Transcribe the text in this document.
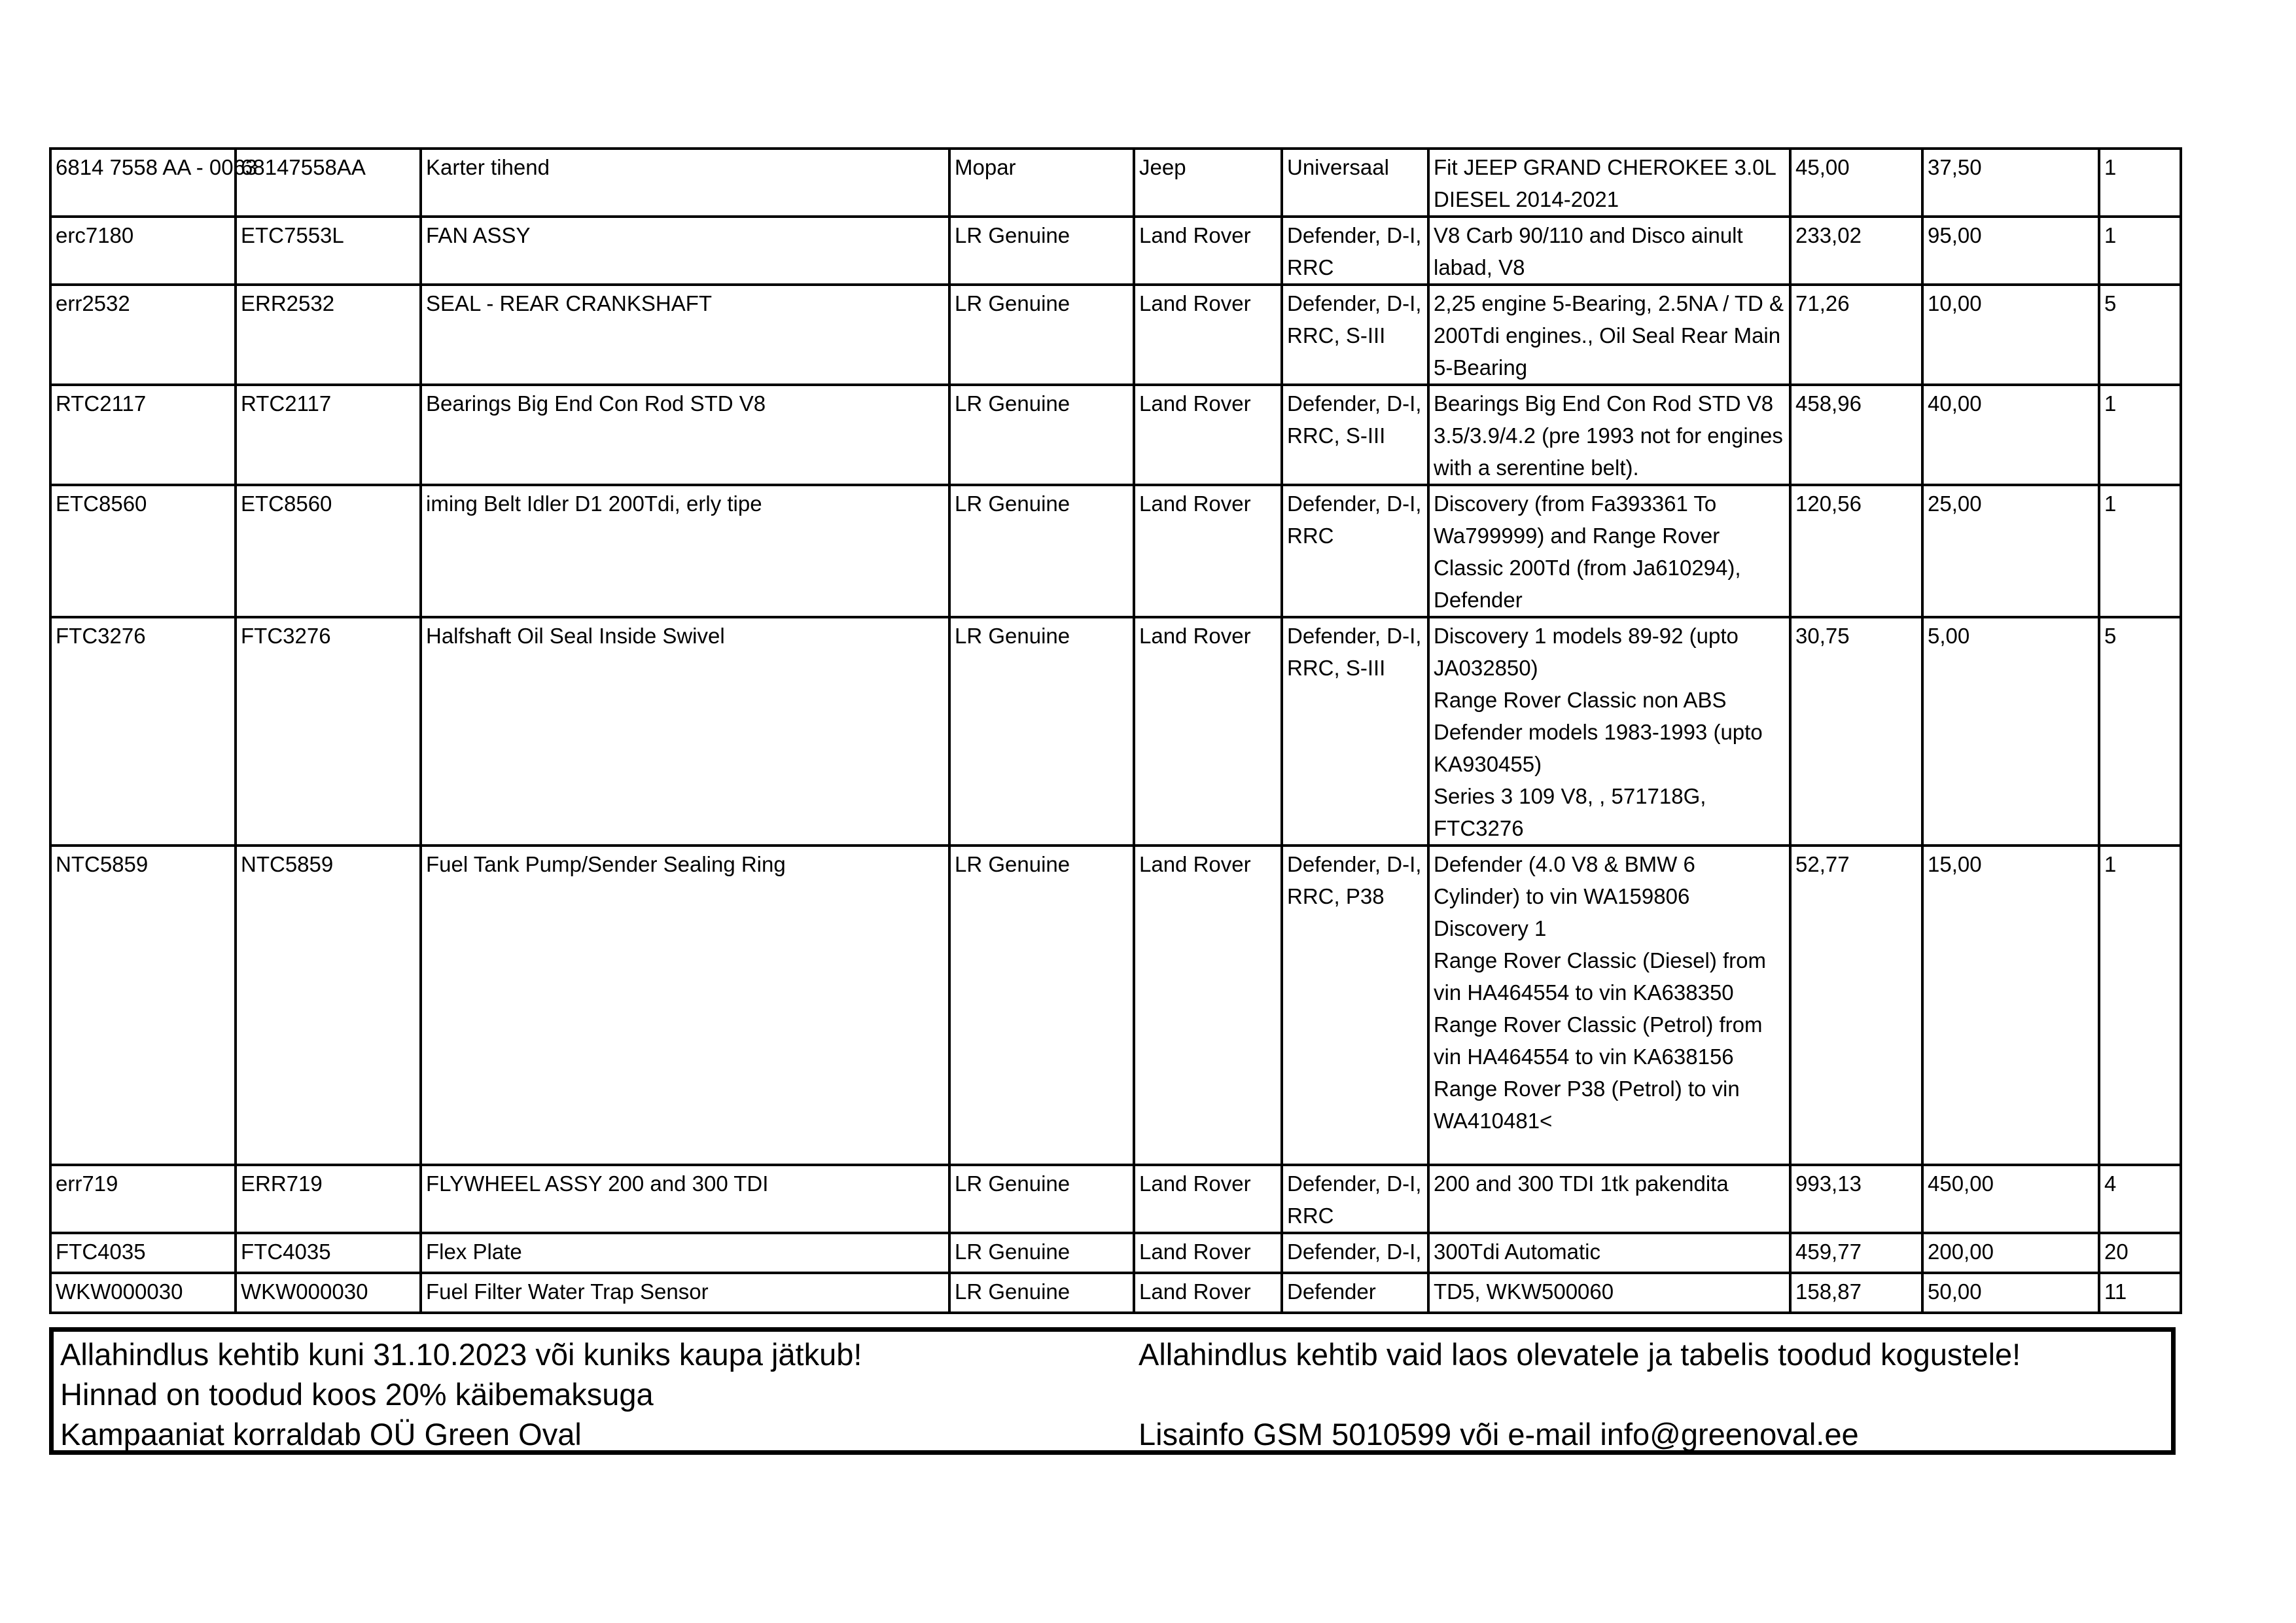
6814 7558 AA - 0063	68147558AA	Karter tihend	Mopar	Jeep	Universaal	Fit JEEP GRAND CHEROKEE 3.0L DIESEL 2014-2021	45,00	37,50	1
erc7180	ETC7553L	FAN ASSY	LR Genuine	Land Rover	Defender, D-I, RRC	V8 Carb 90/110 and Disco ainult labad, V8	233,02	95,00	1
err2532	ERR2532	SEAL - REAR CRANKSHAFT	LR Genuine	Land Rover	Defender, D-I, RRC, S-III	2,25 engine 5-Bearing, 2.5NA / TD & 200Tdi engines., Oil Seal Rear Main 5-Bearing	71,26	10,00	5
RTC2117	RTC2117	Bearings Big End Con Rod STD V8	LR Genuine	Land Rover	Defender, D-I, RRC, S-III	Bearings Big End Con Rod STD V8 3.5/3.9/4.2 (pre 1993 not for engines with a serentine belt).	458,96	40,00	1
ETC8560	ETC8560	iming Belt Idler D1 200Tdi, erly tipe	LR Genuine	Land Rover	Defender, D-I, RRC	Discovery (from Fa393361 To Wa799999) and Range Rover Classic 200Td (from Ja610294), Defender	120,56	25,00	1
FTC3276	FTC3276	Halfshaft Oil Seal Inside Swivel	LR Genuine	Land Rover	Defender, D-I, RRC, S-III	Discovery 1 models 89-92 (upto JA032850)
Range Rover Classic non ABS
Defender models 1983-1993 (upto KA930455)
Series 3 109 V8, , 571718G, FTC3276	30,75	5,00	5
NTC5859	NTC5859	Fuel Tank Pump/Sender Sealing Ring	LR Genuine	Land Rover	Defender, D-I, RRC, P38	Defender (4.0 V8 & BMW 6 Cylinder) to vin WA159806
Discovery 1
Range Rover Classic (Diesel) from vin HA464554 to vin KA638350
Range Rover Classic (Petrol) from vin HA464554 to vin KA638156
Range Rover P38 (Petrol) to vin WA410481<	52,77	15,00	1
err719	ERR719	FLYWHEEL ASSY 200 and 300 TDI	LR Genuine	Land Rover	Defender, D-I, RRC	200 and 300 TDI 1tk pakendita	993,13	450,00	4
FTC4035	FTC4035	Flex Plate	LR Genuine	Land Rover	Defender, D-I,	300Tdi Automatic	459,77	200,00	20
WKW000030	WKW000030	Fuel Filter Water Trap Sensor	LR Genuine	Land Rover	Defender	TD5, WKW500060	158,87	50,00	11
Allahindlus kehtib kuni 31.10.2023 või kuniks kaupa jätkub!
Hinnad on toodud koos 20% käibemaksuga
Kampaaniat korraldab OÜ Green Oval
Allahindlus kehtib vaid laos olevatele ja tabelis toodud kogustele!
Lisainfo GSM 5010599 või e-mail info@greenoval.ee
